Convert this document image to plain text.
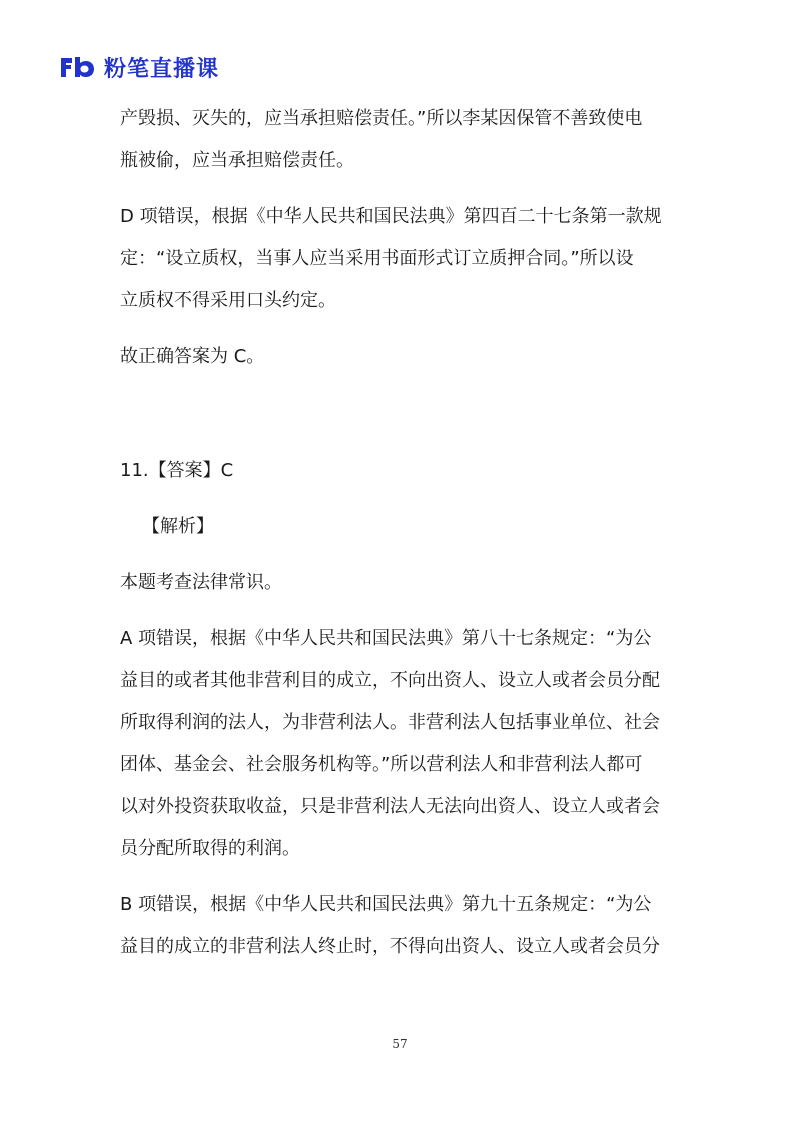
粉笔直播课
产毁损、灭失的，应当承担赔偿责任。”所以李某因保管不善致使电
瓶被偷，应当承担赔偿责任。
D 项错误，根据《中华人民共和国民法典》第四百二十七条第一款规
定：“设立质权，当事人应当采用书面形式订立质押合同。”所以设
立质权不得采用口头约定。
故正确答案为 C。
11.【答案】C
【解析】
本题考查法律常识。
A 项错误，根据《中华人民共和国民法典》第八十七条规定：“为公
益目的或者其他非营利目的成立，不向出资人、设立人或者会员分配
所取得利润的法人，为非营利法人。非营利法人包括事业单位、社会
团体、基金会、社会服务机构等。”所以营利法人和非营利法人都可
以对外投资获取收益，只是非营利法人无法向出资人、设立人或者会
员分配所取得的利润。
B 项错误，根据《中华人民共和国民法典》第九十五条规定：“为公
益目的成立的非营利法人终止时，不得向出资人、设立人或者会员分
57
